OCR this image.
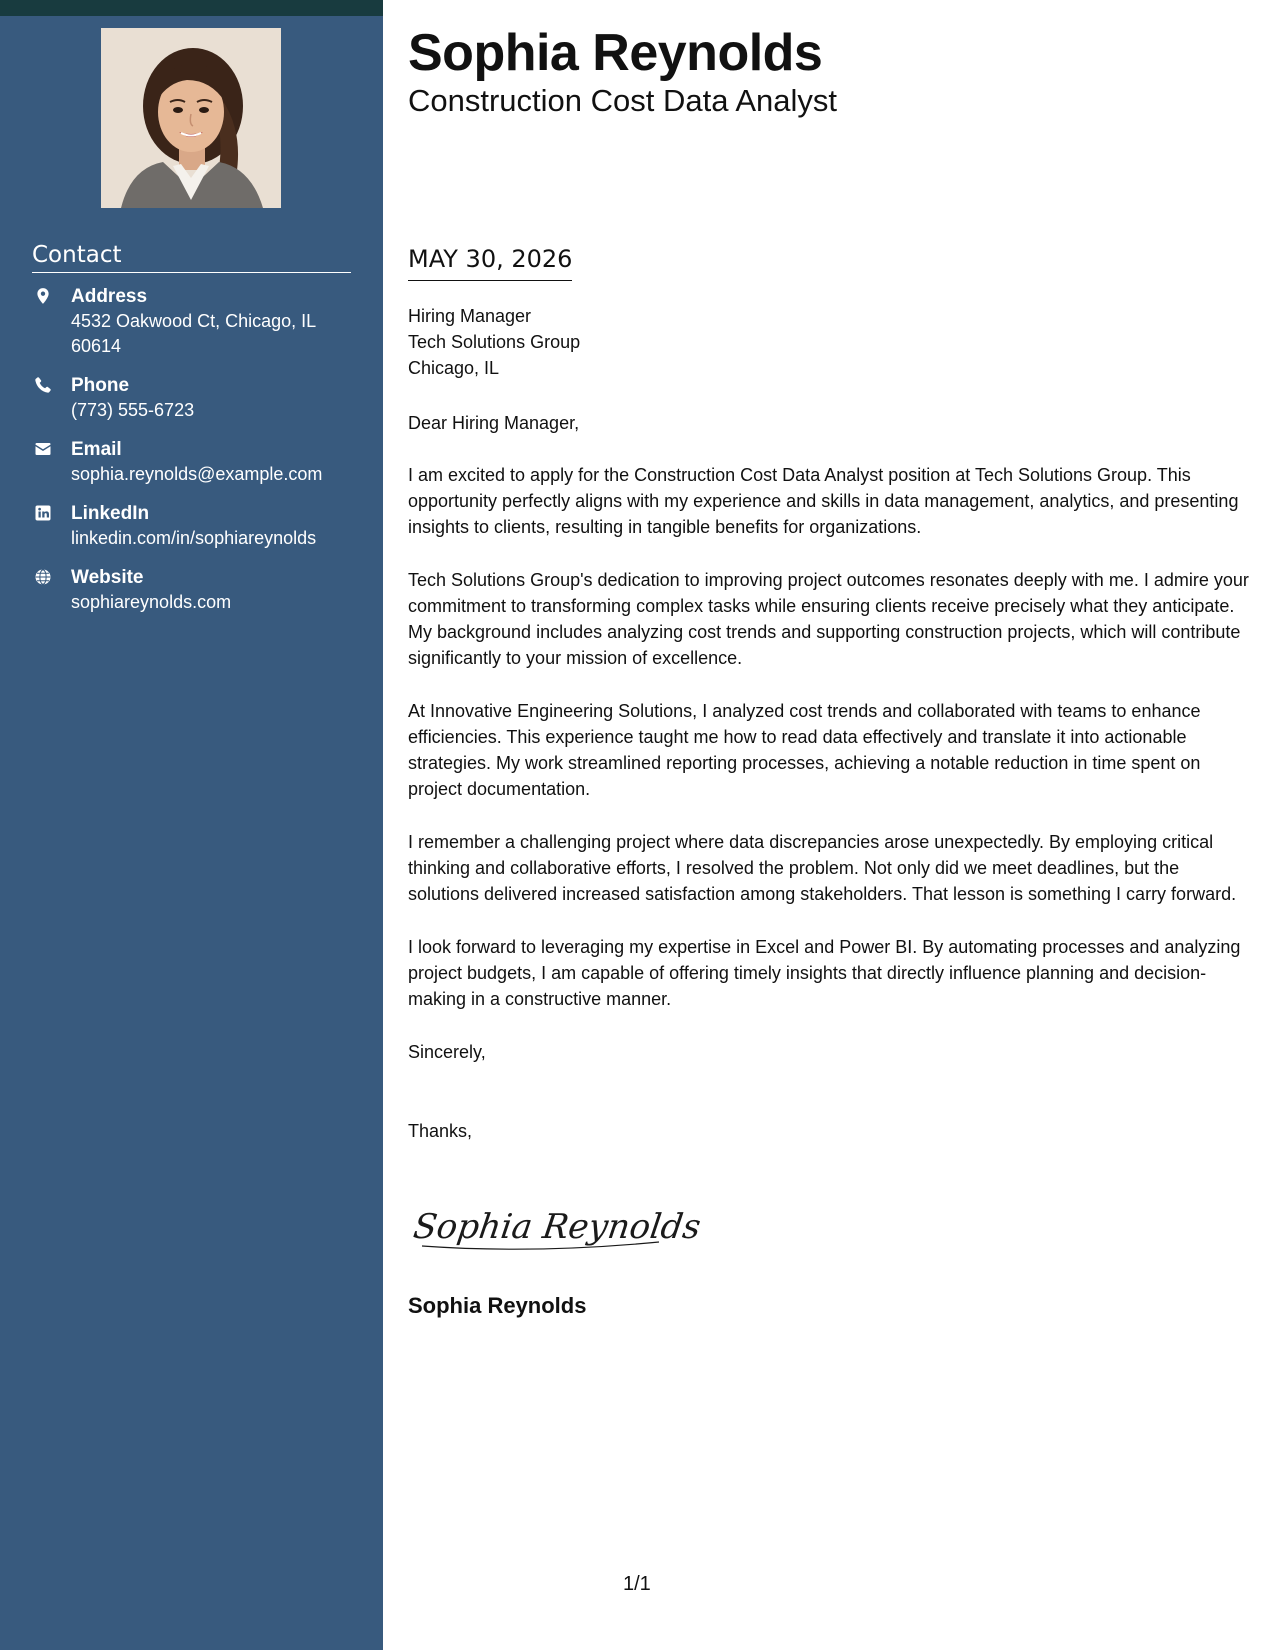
Contact
Address
4532 Oakwood Ct, Chicago, IL 60614
Phone
(773) 555-6723
Email
sophia.reynolds@example.com
LinkedIn
linkedin.com/in/sophiareynolds
Website
sophiareynolds.com
Sophia Reynolds
Construction Cost Data Analyst
MAY 30, 2026
Hiring Manager
Tech Solutions Group
Chicago, IL

Dear Hiring Manager,

I am excited to apply for the Construction Cost Data Analyst position at Tech Solutions Group. This opportunity perfectly aligns with my experience and skills in data management, analytics, and presenting insights to clients, resulting in tangible benefits for organizations.

Tech Solutions Group's dedication to improving project outcomes resonates deeply with me. I admire your commitment to transforming complex tasks while ensuring clients receive precisely what they anticipate. My background includes analyzing cost trends and supporting construction projects, which will contribute significantly to your mission of excellence.

At Innovative Engineering Solutions, I analyzed cost trends and collaborated with teams to enhance efficiencies. This experience taught me how to read data effectively and translate it into actionable strategies. My work streamlined reporting processes, achieving a notable reduction in time spent on project documentation.

I remember a challenging project where data discrepancies arose unexpectedly. By employing critical thinking and collaborative efforts, I resolved the problem. Not only did we meet deadlines, but the solutions delivered increased satisfaction among stakeholders. That lesson is something I carry forward.

I look forward to leveraging my expertise in Excel and Power BI. By automating processes and analyzing project budgets, I am capable of offering timely insights that directly influence planning and decision-making in a constructive manner.

Sincerely,

Thanks,

Sophia Reynolds
Sophia Reynolds
1/1
